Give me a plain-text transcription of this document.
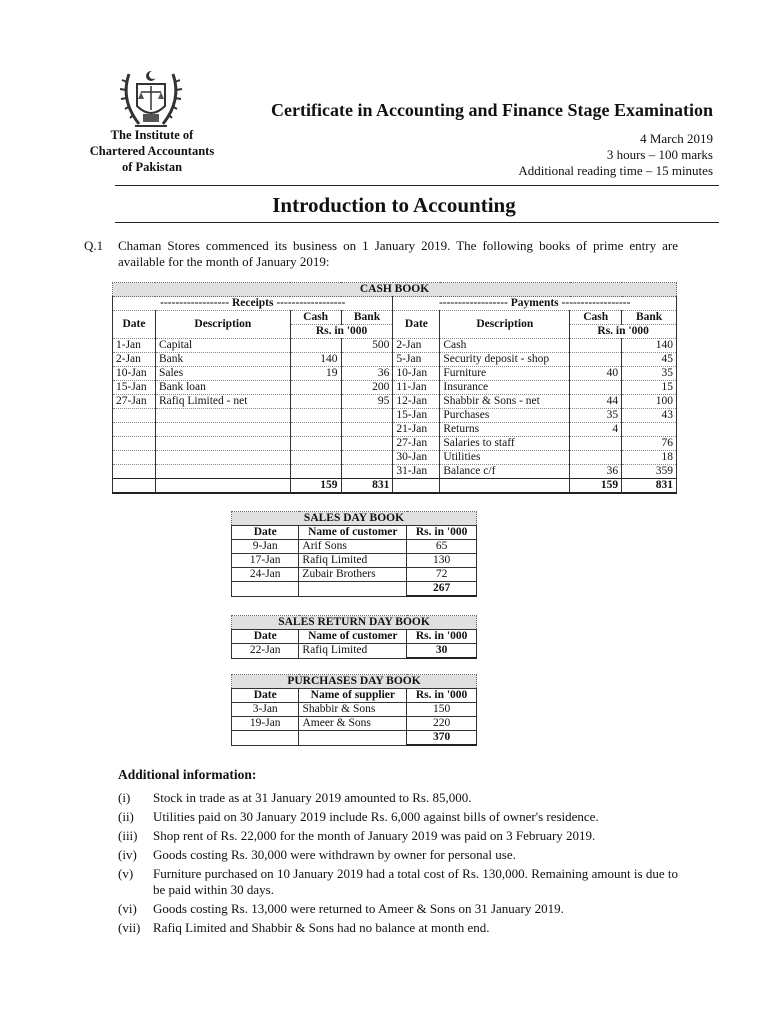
The Institute of
Chartered Accountants
of Pakistan
Certificate in Accounting and Finance Stage Examination
4 March 2019
3 hours – 100 marks
Additional reading time – 15 minutes
Introduction to Accounting
Q.1 Chaman Stores commenced its business on 1 January 2019. The following books of prime entry are available for the month of January 2019:
CASH BOOK							
------------------ Receipts ------------------				------------------ Payments ------------------			
Date	Description	Cash	Bank	Date	Description	Cash	Bank
		Rs. in '000				Rs. in '000	
1-Jan	Capital		500	2-Jan	Cash		140
2-Jan	Bank	140		5-Jan	Security deposit - shop		45
10-Jan	Sales	19	36	10-Jan	Furniture	40	35
15-Jan	Bank loan		200	11-Jan	Insurance		15
27-Jan	Rafiq Limited - net		95	12-Jan	Shabbir & Sons - net	44	100
				15-Jan	Purchases	35	43
				21-Jan	Returns	4	
				27-Jan	Salaries to staff		76
				30-Jan	Utilities		18
				31-Jan	Balance c/f	36	359
		159	831			159	831
SALES DAY BOOK		
Date	Name of customer	Rs. in '000
9-Jan	Arif Sons	65
17-Jan	Rafiq Limited	130
24-Jan	Zubair Brothers	72
		267
SALES RETURN DAY BOOK		
Date	Name of customer	Rs. in '000
22-Jan	Rafiq Limited	30
PURCHASES DAY BOOK		
Date	Name of supplier	Rs. in '000
3-Jan	Shabbir & Sons	150
19-Jan	Ameer & Sons	220
		370
Additional information:
(i)	Stock in trade as at 31 January 2019 amounted to Rs. 85,000.
(ii)	Utilities paid on 30 January 2019 include Rs. 6,000 against bills of owner's residence.
(iii)	Shop rent of Rs. 22,000 for the month of January 2019 was paid on 3 February 2019.
(iv)	Goods costing Rs. 30,000 were withdrawn by owner for personal use.
(v)	Furniture purchased on 10 January 2019 had a total cost of Rs. 130,000. Remaining amount is due to be paid within 30 days.
(vi)	Goods costing Rs. 13,000 were returned to Ameer & Sons on 31 January 2019.
(vii) Rafiq Limited and Shabbir & Sons had no balance at month end.
